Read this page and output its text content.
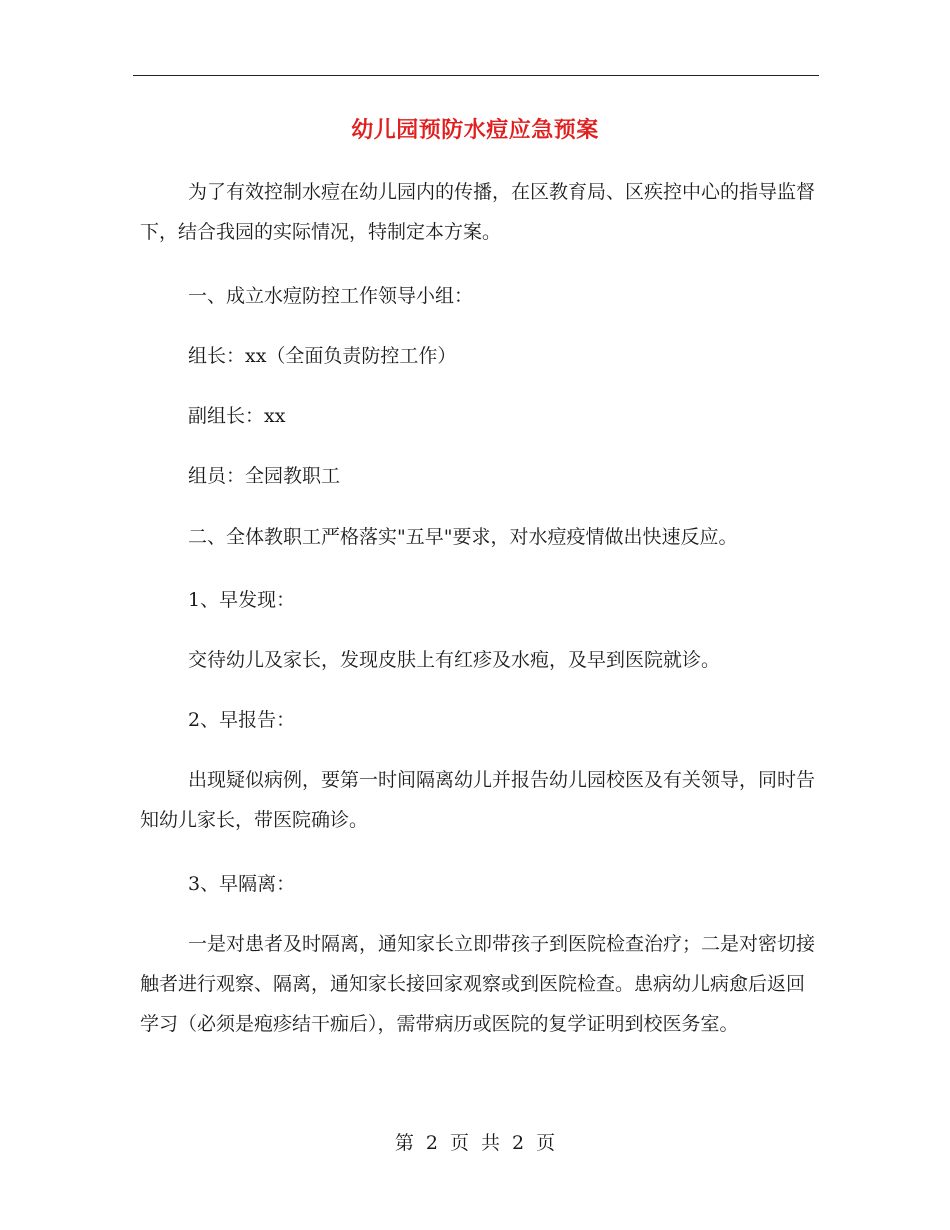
幼儿园预防水痘应急预案
为了有效控制水痘在幼儿园内的传播，在区教育局、区疾控中心的指导监督下，结合我园的实际情况，特制定本方案。
一、成立水痘防控工作领导小组：
组长：xx（全面负责防控工作）
副组长：xx
组员：全园教职工
二、全体教职工严格落实"五早"要求，对水痘疫情做出快速反应。
1、早发现：
交待幼儿及家长，发现皮肤上有红疹及水疱，及早到医院就诊。
2、早报告：
出现疑似病例，要第一时间隔离幼儿并报告幼儿园校医及有关领导，同时告知幼儿家长，带医院确诊。
3、早隔离：
一是对患者及时隔离，通知家长立即带孩子到医院检查治疗；二是对密切接触者进行观察、隔离，通知家长接回家观察或到医院检查。患病幼儿病愈后返回学习（必须是疱疹结干痂后），需带病历或医院的复学证明到校医务室。
第 2 页 共 2 页
